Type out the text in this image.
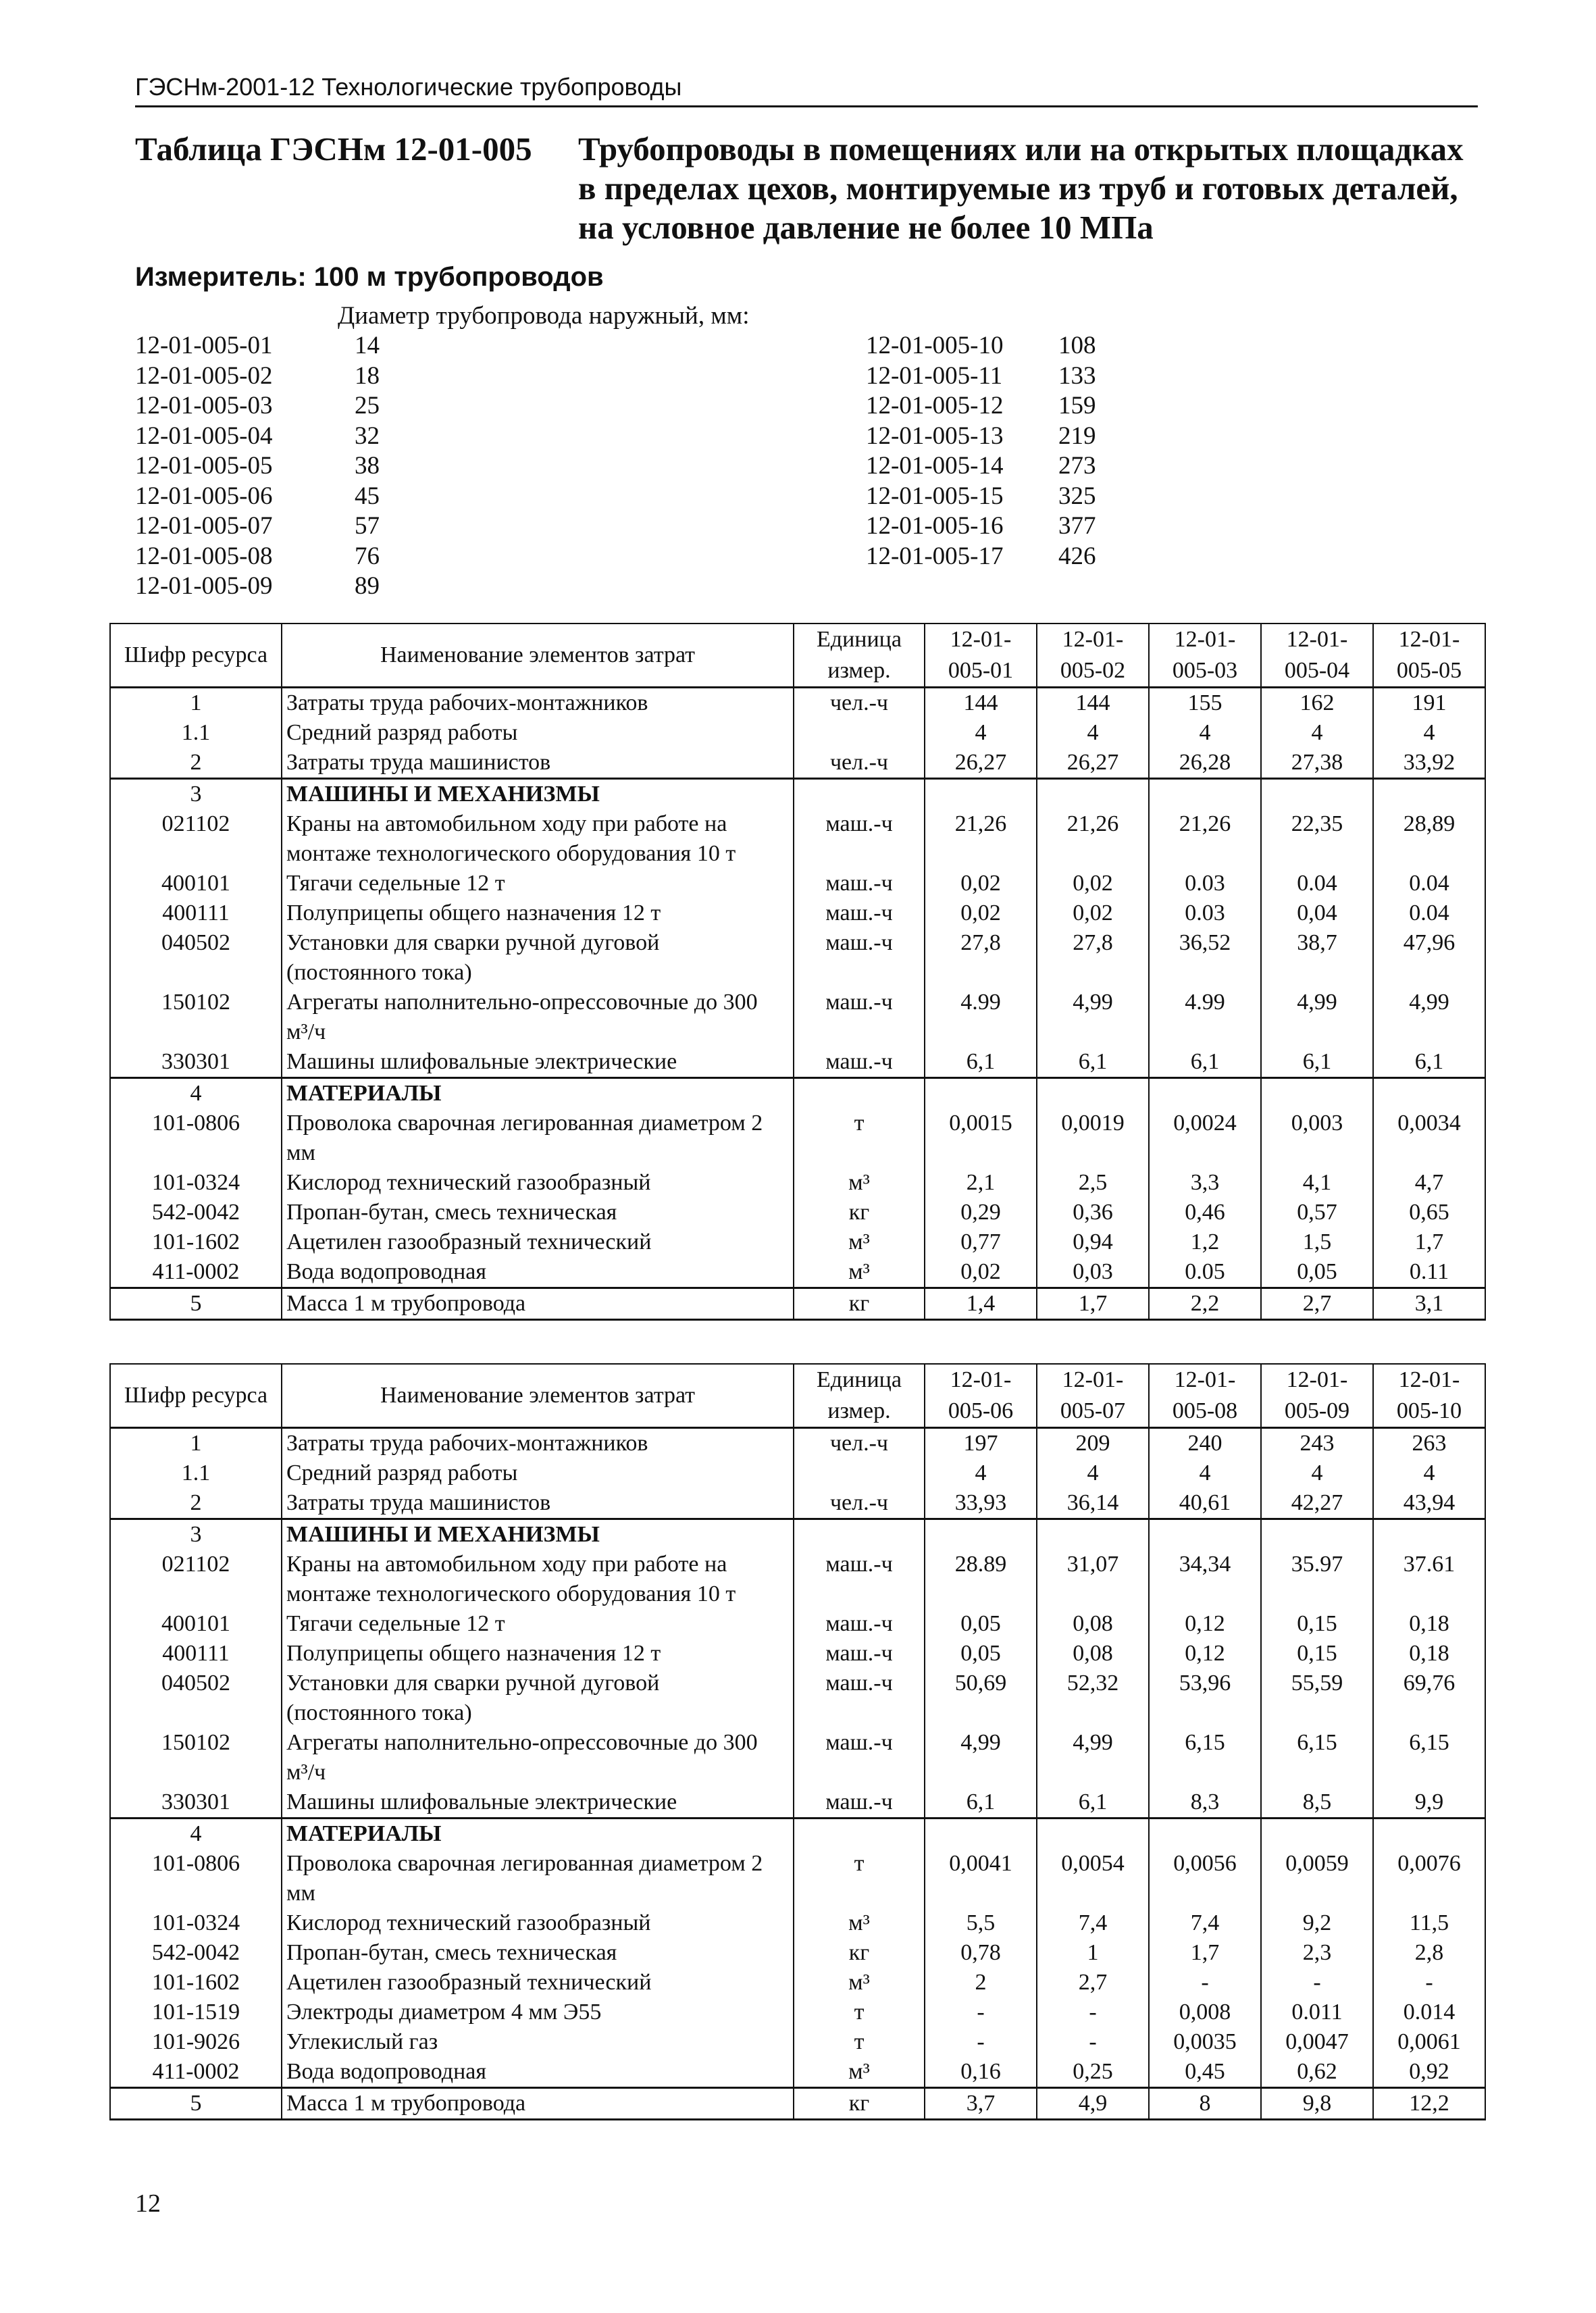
ГЭСНм-2001-12 Технологические трубопроводы
Таблица ГЭСНм 12-01-005 Трубопроводы в помещениях или на открытых площадках в пределах цехов, монтируемые из труб и готовых деталей, на условное давление не более 10 МПа
Измеритель: 100 м трубопроводов
Диаметр трубопровода наружный, мм:
12-01-005-01	14
12-01-005-02	18
12-01-005-03	25
12-01-005-04	32
12-01-005-05	38
12-01-005-06	45
12-01-005-07	57
12-01-005-08	76
12-01-005-09	89
12-01-005-10 108
12-01-005-11 133
12-01-005-12 159
12-01-005-13 219
12-01-005-14 273
12-01-005-15 325
12-01-005-16 377
12-01-005-17 426
Шифр ресурса	Наименование элементов затрат	Единица измер.	12-01-005-01	12-01-005-02	12-01-005-03	12-01-005-04	12-01-005-05
1	Затраты труда рабочих-монтажников	чел.-ч	144	144	155	162	191
1.1	Средний разряд работы		4	4	4	4	4
2	Затраты труда машинистов	чел.-ч	26,27	26,27	26,28	27,38	33,92
3	МАШИНЫ И МЕХАНИЗМЫ						
021102	Краны на автомобильном ходу при работе на монтаже технологического оборудования 10 т	маш.-ч	21,26	21,26	21,26	22,35	28,89
400101	Тягачи седельные 12 т	маш.-ч	0,02	0,02	0.03	0.04	0.04
400111	Полуприцепы общего назначения 12 т	маш.-ч	0,02	0,02	0.03	0,04	0.04
040502	Установки для сварки ручной дуговой (постоянного тока)	маш.-ч	27,8	27,8	36,52	38,7	47,96
150102	Агрегаты наполнительно-опрессовочные до 300 м³/ч	маш.-ч	4.99	4,99	4.99	4,99	4,99
330301	Машины шлифовальные электрические	маш.-ч	6,1	6,1	6,1	6,1	6,1
4	МАТЕРИАЛЫ						
101-0806	Проволока сварочная легированная диаметром 2 мм	т	0,0015	0,0019	0,0024	0,003	0,0034
101-0324	Кислород технический газообразный	м³	2,1	2,5	3,3	4,1	4,7
542-0042	Пропан-бутан, смесь техническая	кг	0,29	0,36	0,46	0,57	0,65
101-1602	Ацетилен газообразный технический	м³	0,77	0,94	1,2	1,5	1,7
411-0002	Вода водопроводная	м³	0,02	0,03	0.05	0,05	0.11
5	Масса 1 м трубопровода	кг	1,4	1,7	2,2	2,7	3,1
Шифр ресурса	Наименование элементов затрат	Единица измер.	12-01-005-06	12-01-005-07	12-01-005-08	12-01-005-09	12-01-005-10
1	Затраты труда рабочих-монтажников	чел.-ч	197	209	240	243	263
1.1	Средний разряд работы		4	4	4	4	4
2	Затраты труда машинистов	чел.-ч	33,93	36,14	40,61	42,27	43,94
3	МАШИНЫ И МЕХАНИЗМЫ						
021102	Краны на автомобильном ходу при работе на монтаже технологического оборудования 10 т	маш.-ч	28.89	31,07	34,34	35.97	37.61
400101	Тягачи седельные 12 т	маш.-ч	0,05	0,08	0,12	0,15	0,18
400111	Полуприцепы общего назначения 12 т	маш.-ч	0,05	0,08	0,12	0,15	0,18
040502	Установки для сварки ручной дуговой (постоянного тока)	маш.-ч	50,69	52,32	53,96	55,59	69,76
150102	Агрегаты наполнительно-опрессовочные до 300 м³/ч	маш.-ч	4,99	4,99	6,15	6,15	6,15
330301	Машины шлифовальные электрические	маш.-ч	6,1	6,1	8,3	8,5	9,9
4	МАТЕРИАЛЫ						
101-0806	Проволока сварочная легированная диаметром 2 мм	т	0,0041	0,0054	0,0056	0,0059	0,0076
101-0324	Кислород технический газообразный	м³	5,5	7,4	7,4	9,2	11,5
542-0042	Пропан-бутан, смесь техническая	кг	0,78	1	1,7	2,3	2,8
101-1602	Ацетилен газообразный технический	м³	2	2,7	-	-	-
101-1519	Электроды диаметром 4 мм Э55	т	-	-	0,008	0.011	0.014
101-9026	Углекислый газ	т	-	-	0,0035	0,0047	0,0061
411-0002	Вода водопроводная	м³	0,16	0,25	0,45	0,62	0,92
5	Масса 1 м трубопровода	кг	3,7	4,9	8	9,8	12,2
12
